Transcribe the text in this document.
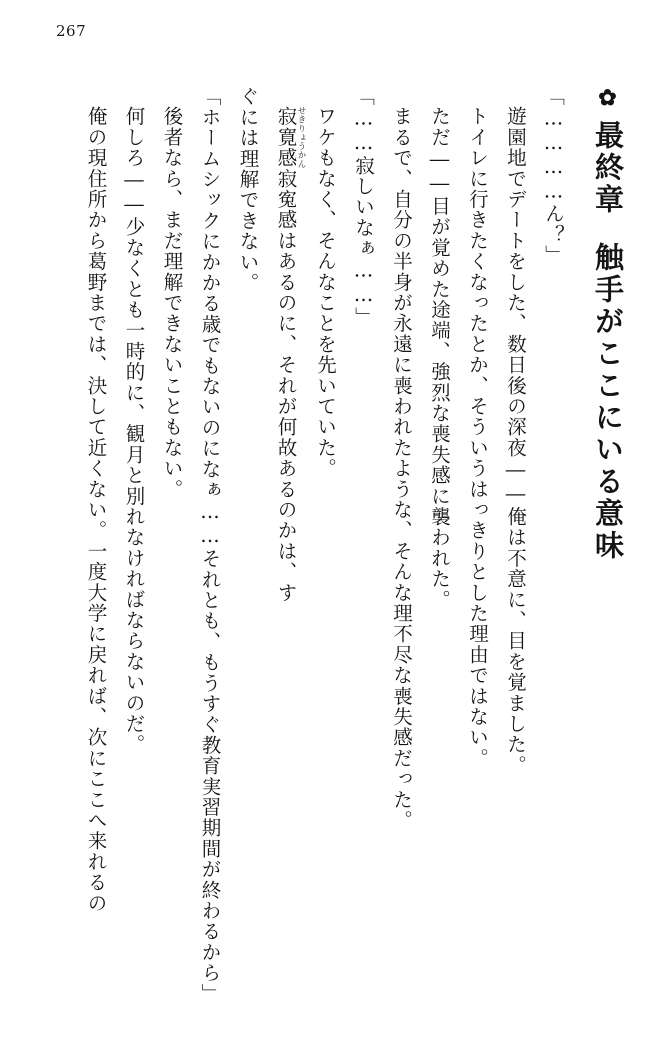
267
✿最終章触手がここにいる意味
「…………ん？」
遊園地でデートをした、数日後の深夜――俺は不意に、目を覚ました。
トイレに行きたくなったとか、そういうはっきりとした理由ではない。
ただ――目が覚めた途端、強烈な喪失感に襲われた。
まるで、自分の半身が永遠に喪われたような、そんな理不尽な喪失感だった。
「……寂しいなぁ……」
ワケもなく、そんなことを先いていた。
寂寛感せきりょうかん寂寃感はあるのに、それが何故あるのかは、す
ぐには理解できない。
「ホームシックにかかる歳でもないのになぁ……それとも、もうすぐ教育実習期間が終わるから」
後者なら、まだ理解できないこともない。
何しろ――少なくとも一時的に、観月と別れなければならないのだ。
俺の現住所から葛野までは、決して近くない。一度大学に戻れば、次にここへ来れるの
